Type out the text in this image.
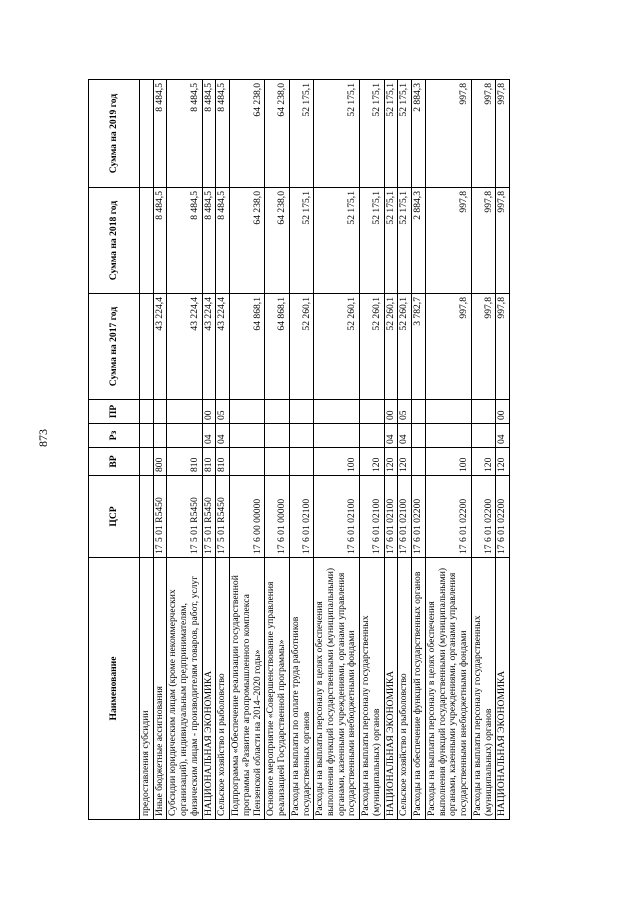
873
Наименование	ЦСР	ВР	Рз	ПР	Сумма на 2017 год	Сумма на 2018 год	Сумма на 2019 год
предоставления субсидии							
Иные бюджетные ассигнования	17 5 01 R5450	800			43 224,4	8 484,5	8 484,5
Субсидии юридическим лицам (кроме некоммерческих организаций), индивидуальным предпринимателям, физическим лицам - производителям товаров, работ, услуг	17 5 01 R5450	810			43 224,4	8 484,5	8 484,5
НАЦИОНАЛЬНАЯ ЭКОНОМИКА	17 5 01 R5450	810	04	00	43 224,4	8 484,5	8 484,5
Сельское хозяйство и рыболовство	17 5 01 R5450	810	04	05	43 224,4	8 484,5	8 484,5
Подпрограмма «Обеспечение реализации государственной программы «Развитие агропромышленного комплекса Пензенской области на 2014–2020 годы»	17 6 00 00000				64 868,1	64 238,0	64 238,0
Основное мероприятие «Совершенствование управления реализацией Государственной программы»	17 6 01 00000				64 868,1	64 238,0	64 238,0
Расходы на выплаты по оплате труда работников государственных органов	17 6 01 02100				52 260,1	52 175,1	52 175,1
Расходы на выплаты персоналу в целях обеспечения выполнения функций государственными (муниципальными) органами, казенными учреждениями, органами управления государственными внебюджетными фондами	17 6 01 02100	100			52 260,1	52 175,1	52 175,1
Расходы на выплаты персоналу государственных (муниципальных) органов	17 6 01 02100	120			52 260,1	52 175,1	52 175,1
НАЦИОНАЛЬНАЯ ЭКОНОМИКА	17 6 01 02100	120	04	00	52 260,1	52 175,1	52 175,1
Сельское хозяйство и рыболовство	17 6 01 02100	120	04	05	52 260,1	52 175,1	52 175,1
Расходы на обеспечение функций государственных органов	17 6 01 02200				3 782,7	2 884,3	2 884,3
Расходы на выплаты персоналу в целях обеспечения выполнения функций государственными (муниципальными) органами, казенными учреждениями, органами управления государственными внебюджетными фондами	17 6 01 02200	100			997,8	997,8	997,8
Расходы на выплаты персоналу государственных (муниципальных) органов	17 6 01 02200	120			997,8	997,8	997,8
НАЦИОНАЛЬНАЯ ЭКОНОМИКА	17 6 01 02200	120	04	00	997,8	997,8	997,8
